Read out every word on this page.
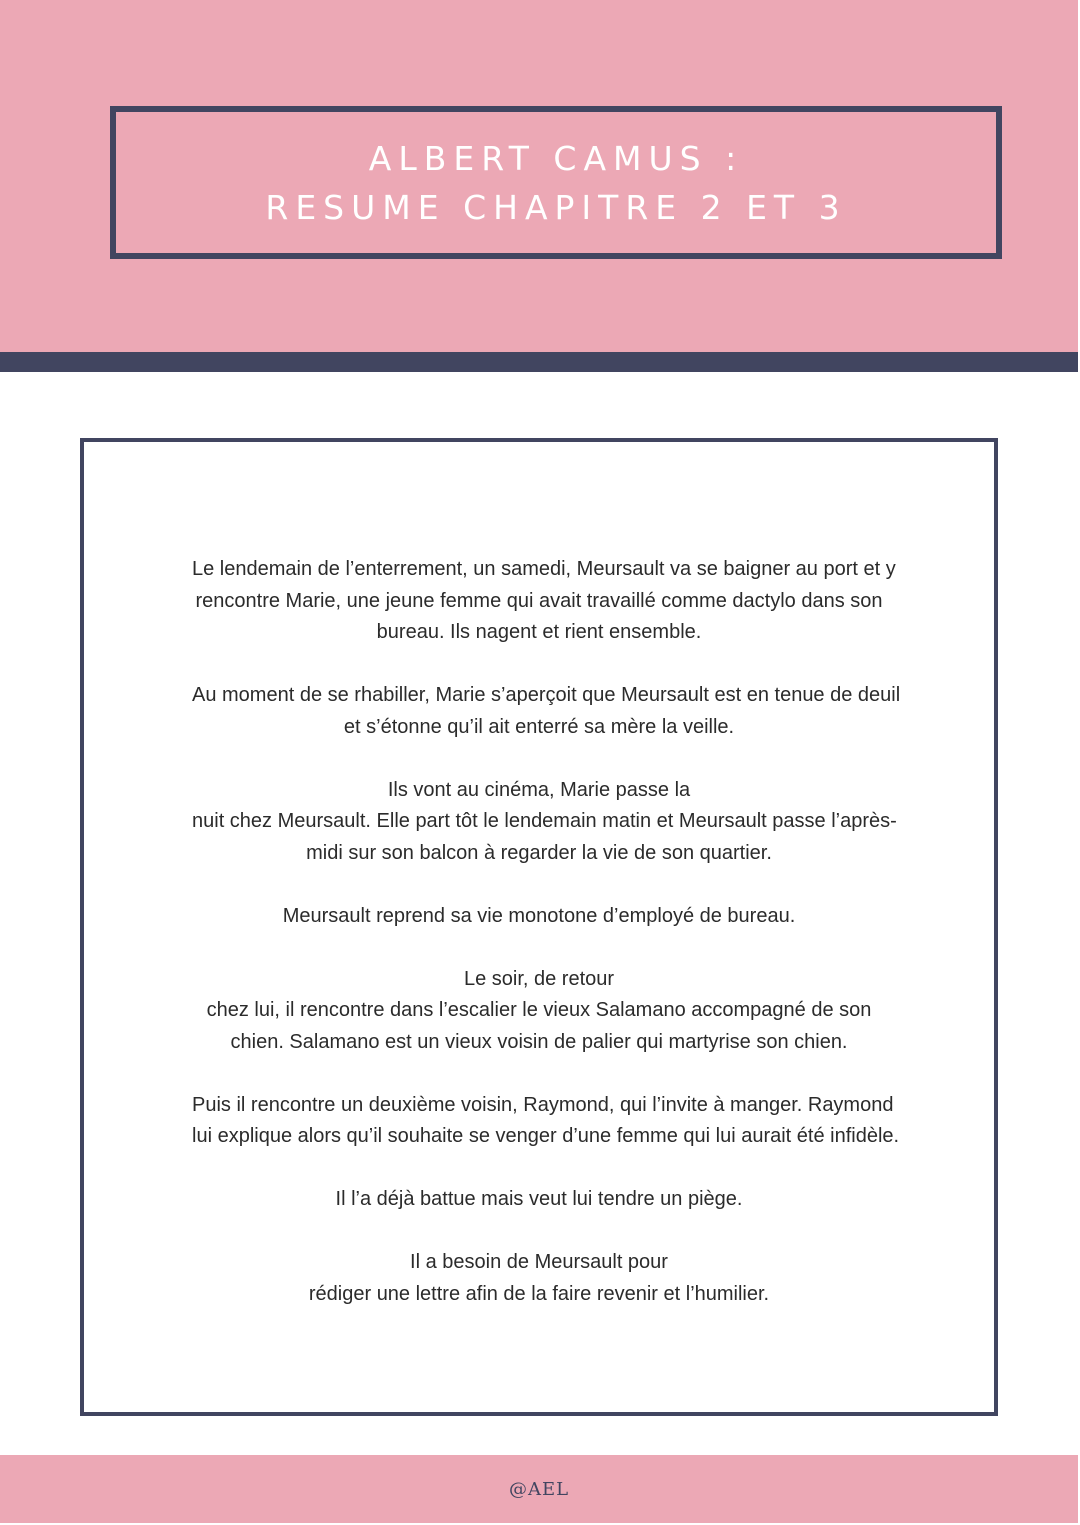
ALBERT CAMUS :
RESUME CHAPITRE 2 ET 3

Le lendemain de l’enterrement, un samedi, Meursault va se baigner au port et y
rencontre Marie, une jeune femme qui avait travaillé comme dactylo dans son
bureau. Ils nagent et rient ensemble.

Au moment de se rhabiller, Marie s’aperçoit que Meursault est en tenue de deuil
et s’étonne qu’il ait enterré sa mère la veille.

Ils vont au cinéma, Marie passe la
nuit chez Meursault. Elle part tôt le lendemain matin et Meursault passe l’après-
midi sur son balcon à regarder la vie de son quartier.

Meursault reprend sa vie monotone d’employé de bureau.

Le soir, de retour
chez lui, il rencontre dans l’escalier le vieux Salamano accompagné de son
chien. Salamano est un vieux voisin de palier qui martyrise son chien.

Puis il rencontre un deuxième voisin, Raymond, qui l’invite à manger. Raymond
lui explique alors qu’il souhaite se venger d’une femme qui lui aurait été infidèle.

Il l’a déjà battue mais veut lui tendre un piège.

Il a besoin de Meursault pour
rédiger une lettre afin de la faire revenir et l’humilier.

@AEL
